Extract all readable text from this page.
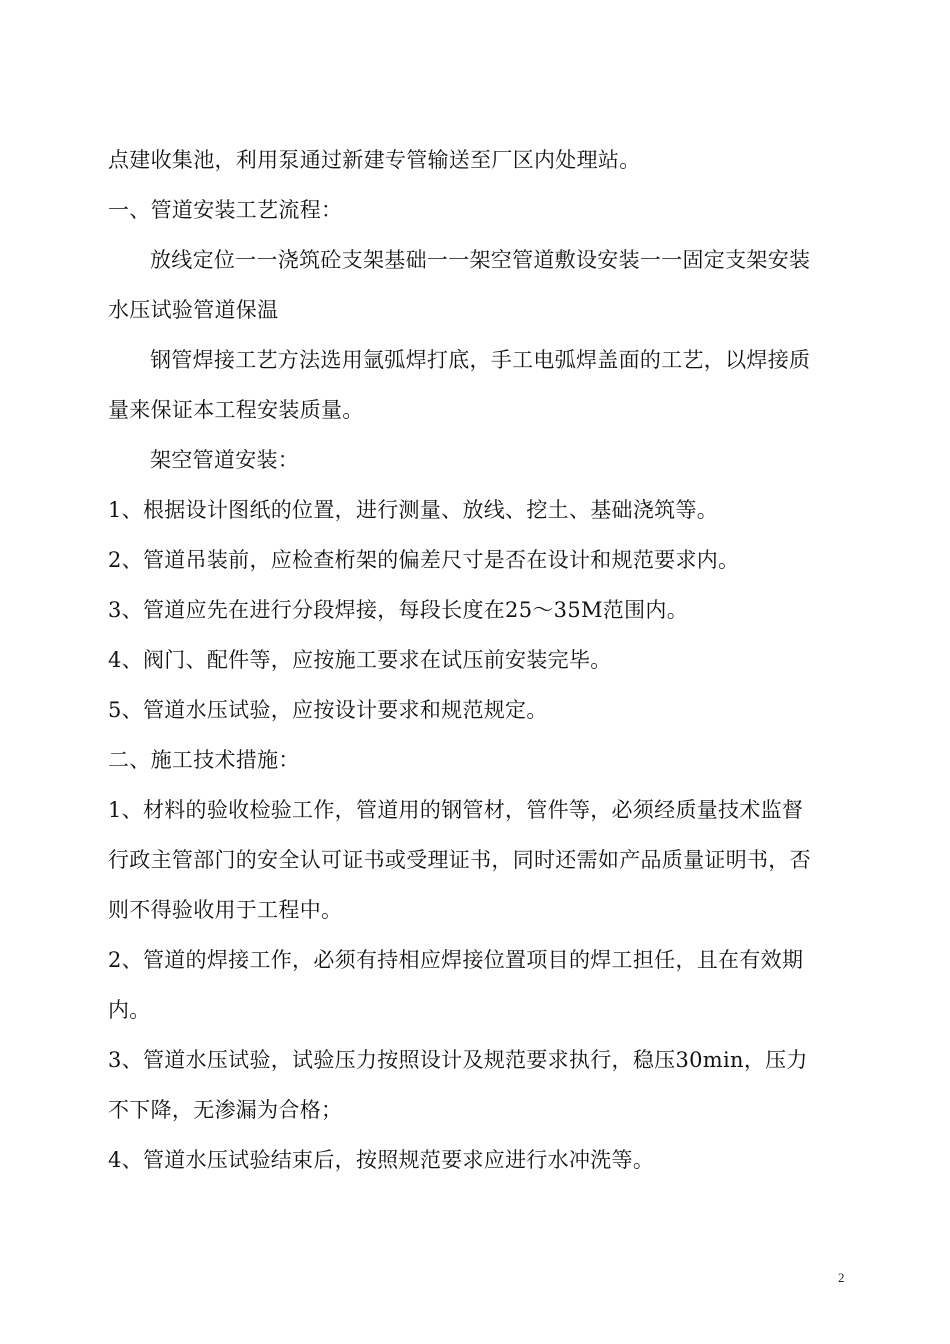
点建收集池，利用泵通过新建专管输送至厂区内处理站。
一、管道安装工艺流程：
放线定位一一浇筑砼支架基础一一架空管道敷设安装一一固定支架安装
水压试验管道保温
钢管焊接工艺方法选用氩弧焊打底，手工电弧焊盖面的工艺，以焊接质
量来保证本工程安装质量。
架空管道安装：
1、根据设计图纸的位置，进行测量、放线、挖土、基础浇筑等。
2、管道吊装前，应检查桁架的偏差尺寸是否在设计和规范要求内。
3、管道应先在进行分段焊接，每段长度在25～35M范围内。
4、阀门、配件等，应按施工要求在试压前安装完毕。
5、管道水压试验，应按设计要求和规范规定。
二、施工技术措施：
1、材料的验收检验工作，管道用的钢管材，管件等，必须经质量技术监督
行政主管部门的安全认可证书或受理证书，同时还需如产品质量证明书，否
则不得验收用于工程中。
2、管道的焊接工作，必须有持相应焊接位置项目的焊工担任，且在有效期
内。
3、管道水压试验，试验压力按照设计及规范要求执行，稳压30min，压力
不下降，无渗漏为合格；
4、管道水压试验结束后，按照规范要求应进行水冲洗等。
2
